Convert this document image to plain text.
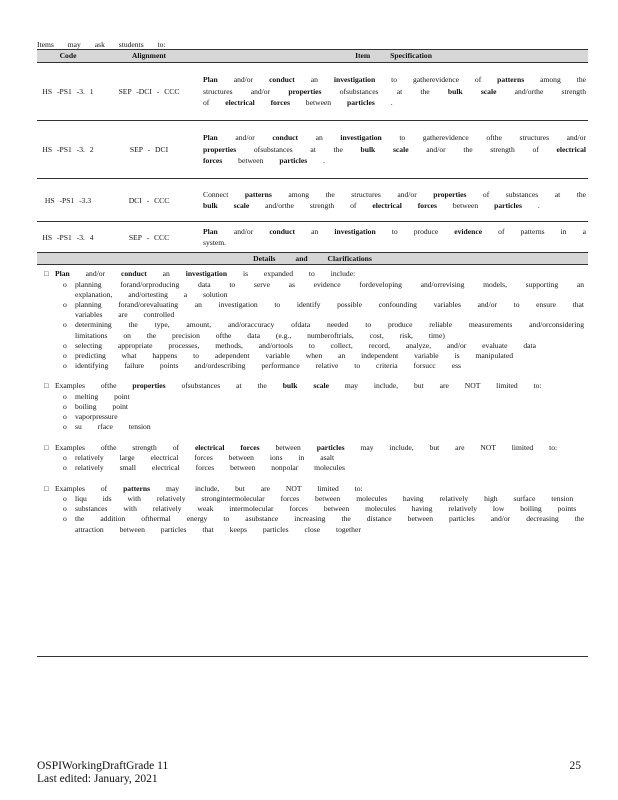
Items may ask students to:
Code	Alignment	Item Specification
HS -PS1 -3. 1	SEP -DCI - CCC
Plan and/or conduct an investigation to gatherevidence of patterns among the structures and/or properties ofsubstances at the bulk scale and/orthe strength of electrical forces between particles .
HS -PS1 -3. 2	SEP - DCI
Plan and/or conduct an investigation to gatherevidence ofthe structures and/or properties ofsubstances at the bulk scale and/or the strength of electrical forces between particles .
HS -PS1 -3.3	DCI - CCC
Connect patterns among the structures and/or properties of substances at the bulk scale and/orthe strength of electrical forces between particles .
HS -PS1 -3. 4	SEP - CCC
Plan and/or conduct an investigation to produce evidence of patterns in a system.
Details and Clarifications
□ Plan and/or conduct an investigation is expanded to include:
o planning forand/orproducing data to serve as evidence fordeveloping and/orrevising models, supporting an explanation, and/ortesting a solution
o planning forand/orevaluating an investigation to identify possible confounding variables and/or to ensure that variables are controlled
o determining the type, amount, and/oraccuracy ofdata needed to produce reliable measurements and/orconsidering limitations on the precision ofthe data (e.g., numberoftrials, cost, risk, time)
o selecting appropriate processes, methods, and/ortools to collect, record, analyze, and/or evaluate data
o predicting what happens to adependent variable when an independent variable is manipulated
o identifying failure points and/ordescribing performance relative to criteria forsucc ess
□ Examples ofthe properties ofsubstances at the bulk scale may include, but are NOT limited to:
o melting point
o boiling point
o vaporpressure
o su rface tension
□ Examples ofthe strength of electrical forces between particles may include, but are NOT limited to:
o relatively large electrical forces between ions in asalt
o relatively small electrical forces between nonpolar molecules
□ Examples of patterns may include, but are NOT limited to:
o liqu ids with relatively strongintermolecular forces between molecules having relatively high surface tension
o substances with relatively weak intermolecular forces between molecules having relatively low boiling points
o the addition ofthermal energy to asubstance increasing the distance between particles and/or decreasing the attraction between particles that keeps particles close together
OSPIWorkingDraftGrade 11
Last edited: January, 2021
25
